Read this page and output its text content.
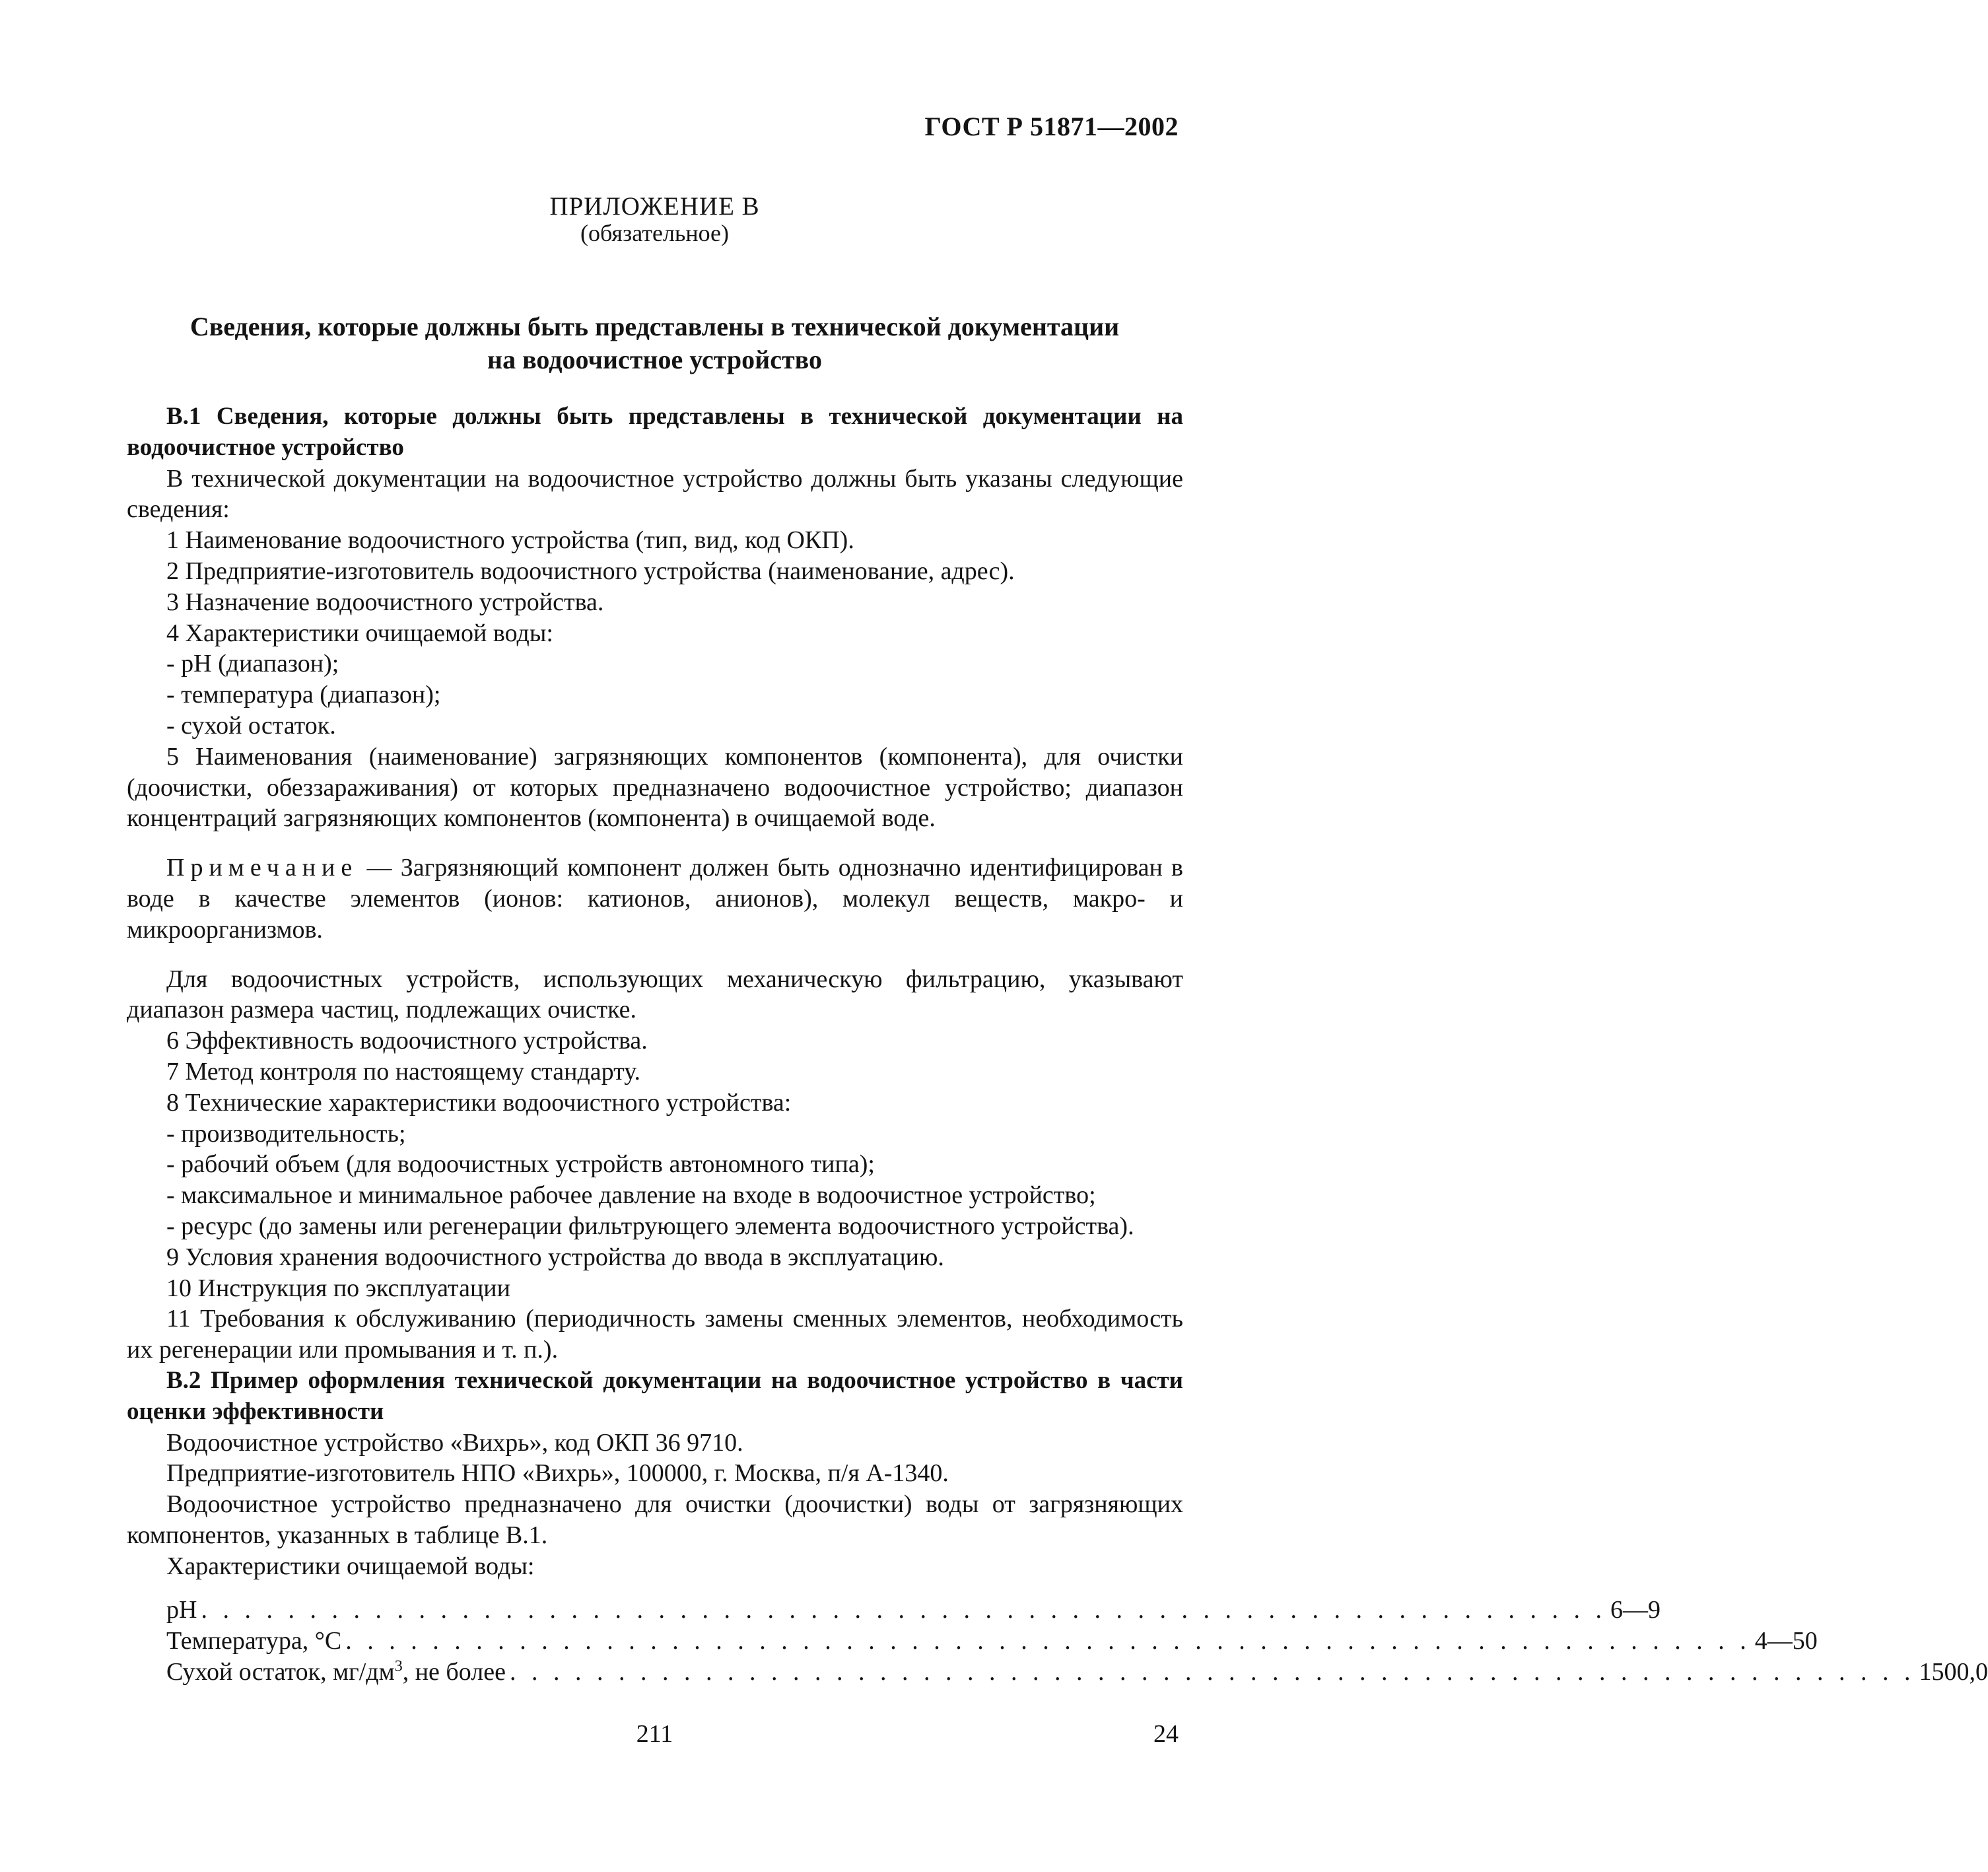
ГОСТ Р 51871—2002
ПРИЛОЖЕНИЕ В
(обязательное)
Сведения, которые должны быть представлены в технической документации
на водоочистное устройство

В.1 Сведения, которые должны быть представлены в технической документации на водоочистное устройство

В технической документации на водоочистное устройство должны быть указаны следующие сведения:

1 Наименование водоочистного устройства (тип, вид, код ОКП).

2 Предприятие-изготовитель водоочистного устройства (наименование, адрес).

3 Назначение водоочистного устройства.

4 Характеристики очищаемой воды:

- рН (диапазон);

- температура (диапазон);

- сухой остаток.

5 Наименования (наименование) загрязняющих компонентов (компонента), для очистки (доочистки, обеззараживания) от которых предназначено водоочистное устройство; диапазон концентраций загрязняющих компонентов (компонента) в очищаемой воде.

Примечание — Загрязняющий компонент должен быть однозначно идентифицирован в воде в качестве элементов (ионов: катионов, анионов), молекул веществ, макро- и микроорганизмов.

Для водоочистных устройств, использующих механическую фильтрацию, указывают диапазон размера частиц, подлежащих очистке.

6 Эффективность водоочистного устройства.

7 Метод контроля по настоящему стандарту.

8 Технические характеристики водоочистного устройства:

- производительность;

- рабочий объем (для водоочистных устройств автономного типа);

- максимальное и минимальное рабочее давление на входе в водоочистное устройство;

- ресурс (до замены или регенерации фильтрующего элемента водоочистного устройства).

9 Условия хранения водоочистного устройства до ввода в эксплуатацию.

10 Инструкция по эксплуатации

11 Требования к обслуживанию (периодичность замены сменных элементов, необходимость их регенерации или промывания и т. п.).

В.2 Пример оформления технической документации на водоочистное устройство в части оценки эффективности

Водоочистное устройство «Вихрь», код ОКП 36 9710.

Предприятие-изготовитель НПО «Вихрь», 100000, г. Москва, п/я А-1340.

Водоочистное устройство предназначено для очистки (доочистки) воды от загрязняющих компонентов, указанных в таблице В.1.

Характеристики очищаемой воды:

рН . . . . . . . . . . . . . . . . . . . . . . . . . . . . . . . . . . . . . . . . . . . . . . . . . . . . . . . . . . . . . . . . . 6—9
Температура, °С . . . . . . . . . . . . . . . . . . . . . . . . . . . . . . . . . . . . . . . . . . . . . . . . . . . . . . . . . . . . . . . . . 4—50
Сухой остаток, $мг/дм^3$, не более . . . . . . . . . . . . . . . . . . . . . . . . . . . . . . . . . . . . . . . . . . . . . . . . . . . . . . . . . . . . . . . . . 1500,0
211	24
